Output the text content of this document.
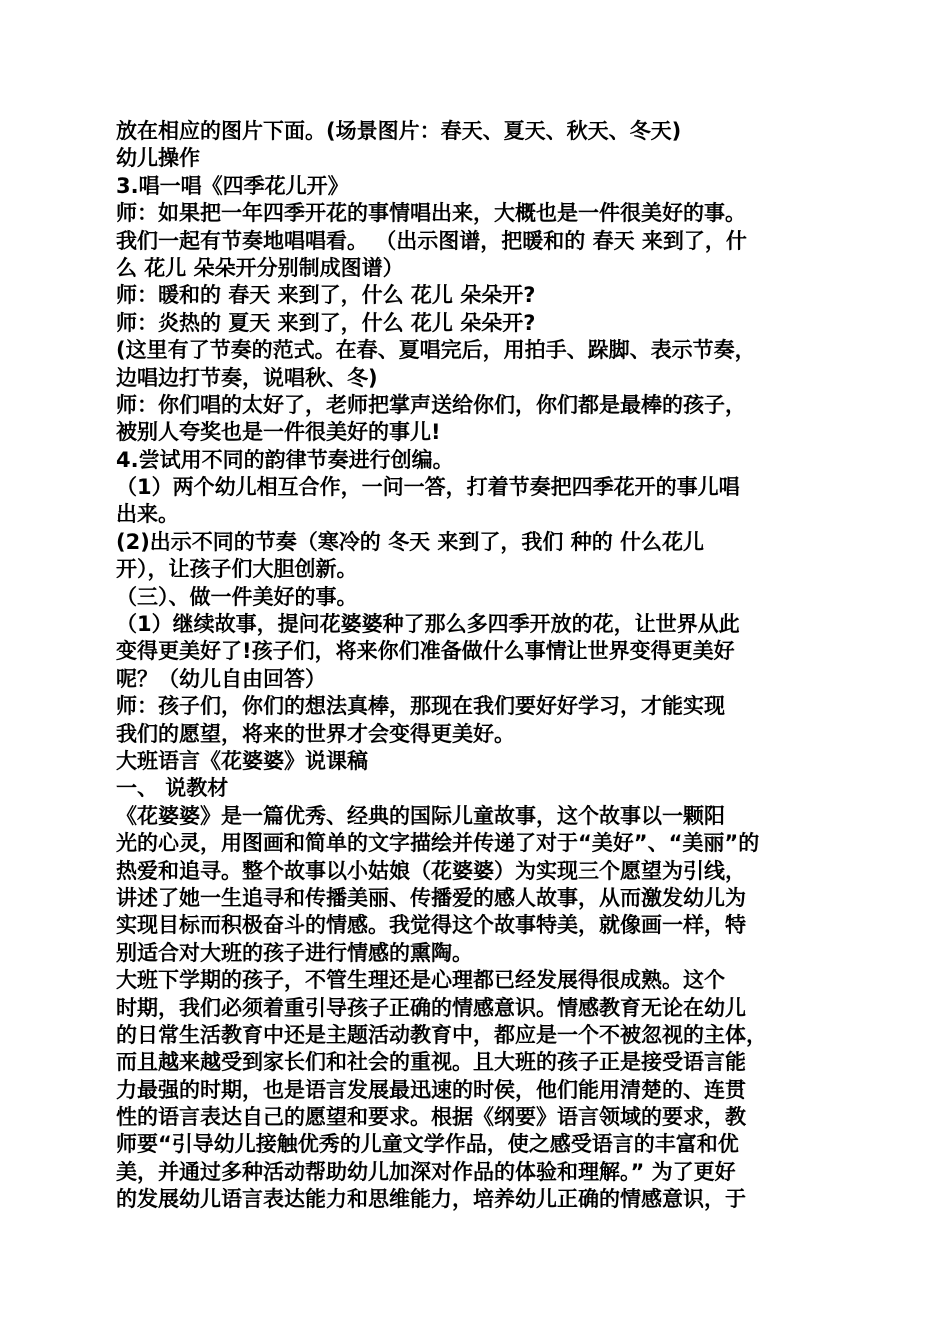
放在相应的图片下面。(场景图片：春天、夏天、秋天、冬天)
幼儿操作
3.唱一唱《四季花儿开》
师：如果把一年四季开花的事情唱出来，大概也是一件很美好的事。
我们一起有节奏地唱唱看。 （出示图谱，把暖和的 春天 来到了，什
么 花儿 朵朵开分别制成图谱）
师：暖和的 春天 来到了，什么 花儿 朵朵开?
师：炎热的 夏天 来到了，什么 花儿 朵朵开?
(这里有了节奏的范式。在春、夏唱完后，用拍手、跺脚、表示节奏，
边唱边打节奏，说唱秋、冬)
师：你们唱的太好了，老师把掌声送给你们，你们都是最棒的孩子，
被别人夸奖也是一件很美好的事儿!
4.尝试用不同的韵律节奏进行创编。
（1）两个幼儿相互合作，一问一答，打着节奏把四季花开的事儿唱
出来。
(2)出示不同的节奏（寒冷的 冬天 来到了，我们 种的 什么花儿
开），让孩子们大胆创新。
（三）、做一件美好的事。
（1）继续故事，提问花婆婆种了那么多四季开放的花，让世界从此
变得更美好了!孩子们，将来你们准备做什么事情让世界变得更美好
呢？（幼儿自由回答）
师：孩子们，你们的想法真棒，那现在我们要好好学习，才能实现
我们的愿望，将来的世界才会变得更美好。
大班语言《花婆婆》说课稿
一、 说教材
《花婆婆》是一篇优秀、经典的国际儿童故事，这个故事以一颗阳
光的心灵，用图画和简单的文字描绘并传递了对于“美好”、“美丽”的
热爱和追寻。整个故事以小姑娘（花婆婆）为实现三个愿望为引线，
讲述了她一生追寻和传播美丽、传播爱的感人故事，从而激发幼儿为
实现目标而积极奋斗的情感。我觉得这个故事特美，就像画一样，特
别适合对大班的孩子进行情感的熏陶。
大班下学期的孩子，不管生理还是心理都已经发展得很成熟。这个
时期，我们必须着重引导孩子正确的情感意识。情感教育无论在幼儿
的日常生活教育中还是主题活动教育中，都应是一个不被忽视的主体，
而且越来越受到家长们和社会的重视。且大班的孩子正是接受语言能
力最强的时期，也是语言发展最迅速的时侯，他们能用清楚的、连贯
性的语言表达自己的愿望和要求。根据《纲要》语言领域的要求，教
师要“引导幼儿接触优秀的儿童文学作品，使之感受语言的丰富和优
美，并通过多种活动帮助幼儿加深对作品的体验和理解。” 为了更好
的发展幼儿语言表达能力和思维能力，培养幼儿正确的情感意识，于
